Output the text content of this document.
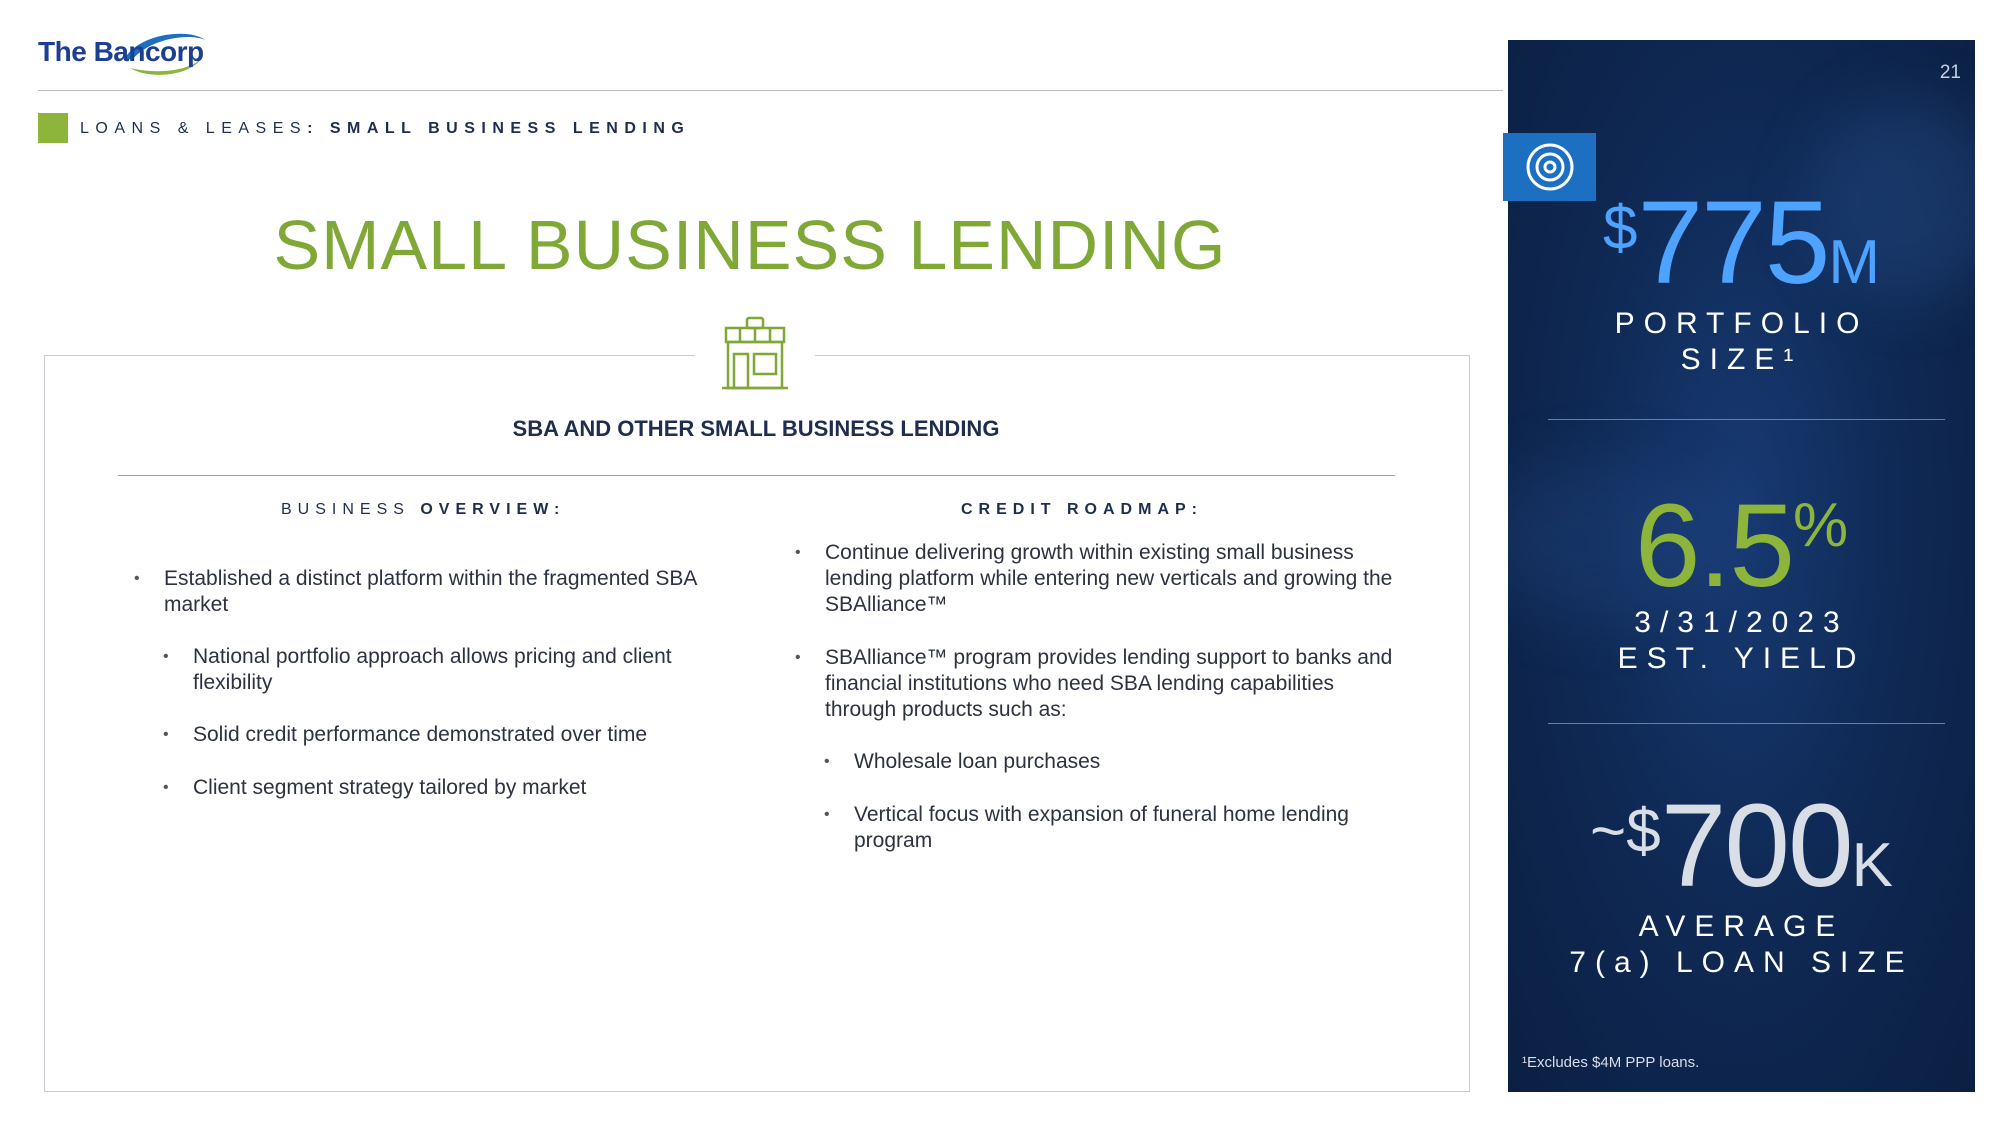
The Bancorp
LOANS & LEASES: SMALL BUSINESS LENDING
SMALL BUSINESS LENDING
SBA AND OTHER SMALL BUSINESS LENDING
BUSINESS OVERVIEW:
• Established a distinct platform within the fragmented SBA market
• National portfolio approach allows pricing and client flexibility
• Solid credit performance demonstrated over time
• Client segment strategy tailored by market
CREDIT ROADMAP:
• Continue delivering growth within existing small business lending platform while entering new verticals and growing the SBAlliance™
• SBAlliance™ program provides lending support to banks and financial institutions who need SBA lending capabilities through products such as:
• Wholesale loan purchases
• Vertical focus with expansion of funeral home lending program
21
$775M
PORTFOLIO
SIZE¹
6.5%
3/31/2023
EST. YIELD
~$700K
AVERAGE
7(a) LOAN SIZE
¹Excludes $4M PPP loans.
